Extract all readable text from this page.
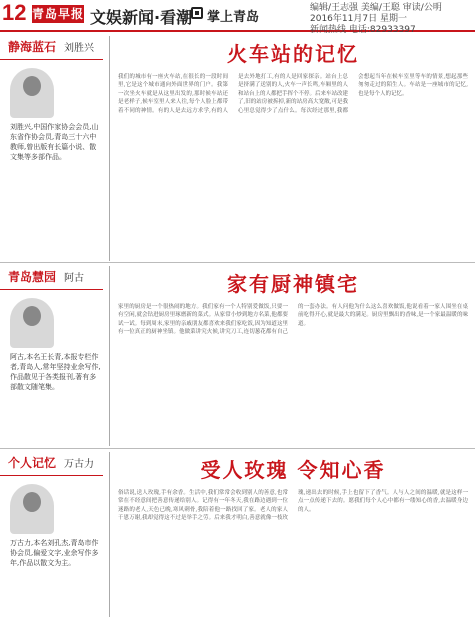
12 青岛早报 文娱新闻·看潮 掌上青岛
编辑/王志强 美编/王聪 审读/公明
2016年11月7日 星期一
新闻热线 电话:82933397
静海蓝石 刘胜兴
刘胜兴,中国作家协会会员,山东省作协会员,青岛三十六中教师,曾出版有长篇小说、散文集等多部作品。
火车站的记忆
我们的城市有一座火车站,在很长的一段时间里,它是这个城市通向外面世界的门户。我第一次坐火车就是从这里出发的,那时候车站还是老样子,候车室里人来人往,每个人脸上都带着不同的神情。有的人是去远方求学,有的人是去外地打工,有的人是回家探亲。站台上总是挤满了送别的人,火车一声长鸣,车厢里的人和站台上的人都把手挥个不停。后来车站改建了,旧的站房被拆掉,新的站房高大宽敞,可是我心里总觉得少了点什么。每次经过那里,我都会想起当年在候车室里等车的情景,想起那些匆匆走过的陌生人。车站是一座城市的记忆,也是每个人的记忆。
青岛慧园 阿古
阿古,本名王长青,本报专栏作者,青岛人,常年坚持业余写作,作品散见于各类报刊,著有多部散文随笔集。
家有厨神镇宅
家里的厨房是一个很热闹的地方。我们家有一个人特别爱做饭,只要一有空闲,就会钻进厨房里琢磨新的菜式。从家常小炒到地方名菜,他都要试一试。每到周末,家里的亲戚朋友都喜欢来我们家吃饭,因为知道这里有一位真正的厨神坐镇。他做菜讲究火候,讲究刀工,连切葱花都有自己的一套办法。有人问他为什么这么喜欢做饭,他说看着一家人围坐在桌前吃得开心,就是最大的满足。厨房里飘出的香味,是一个家最温暖的味道。
个人记忆 万古力
万古力,本名刘孔杰,青岛市作协会员,偏爱文字,业余写作多年,作品以散文为主。
受人玫瑰 令知心香
俗话说,送人玫瑰,手有余香。生活中,我们常常会收到别人的善意,也常常在不经意间把善意传递给别人。记得有一年冬天,我在路边遇到一位迷路的老人,天色已晚,寒风刺骨,我陪着他一路找回了家。老人的家人千恩万谢,我却觉得这不过是举手之劳。后来我才明白,善意就像一枝玫瑰,递出去的时候,手上也留下了香气。人与人之间的温暖,就是这样一点一点传递下去的。愿我们每个人心中都有一缕知心的香,去温暖身边的人。
